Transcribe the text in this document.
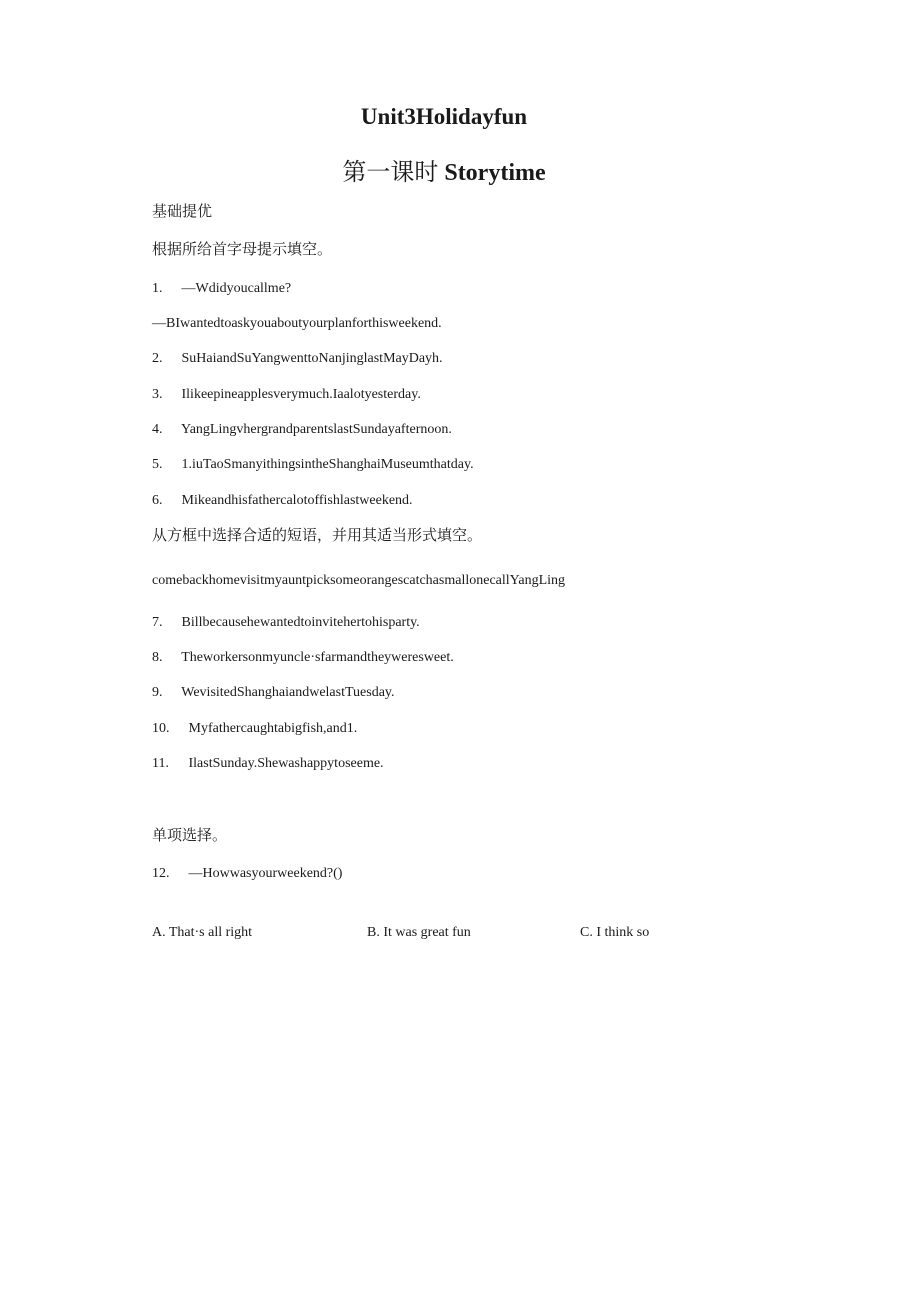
Unit3Holidayfun
第一课时 Storytime
基础提优
根据所给首字母提示填空。
1. —Wdidyoucallme?
—BIwantedtoaskyouaboutyourplanforthisweekend.
2. SuHaiandSuYangwenttoNanjinglastMayDayh.
3. Ilikeepineapplesverymuch.Iaalotyesterday.
4. YangLingvhergrandparentslastSundayafternoon.
5. 1.iuTaoSmanyithingsintheShanghaiMuseumthatday.
6. Mikeandhisfathercalotoffishlastweekend.
从方框中选择合适的短语，并用其适当形式填空。
comebackhomevisitmyauntpicksomeorangescatchasmallonecallYangLing
7. Billbecausehewantedtoinvitehertohisparty.
8. Theworkersonmyuncle·sfarmandtheyweresweet.
9. WevisitedShanghaiandwelastTuesday.
10. Myfathercaughtabigfish,and1.
11. IlastSunday.Shewashappytoseeme.
单项选择。
12. —Howwasyourweekend?()
A. That·s all right	B. It was great fun	C. I think so
